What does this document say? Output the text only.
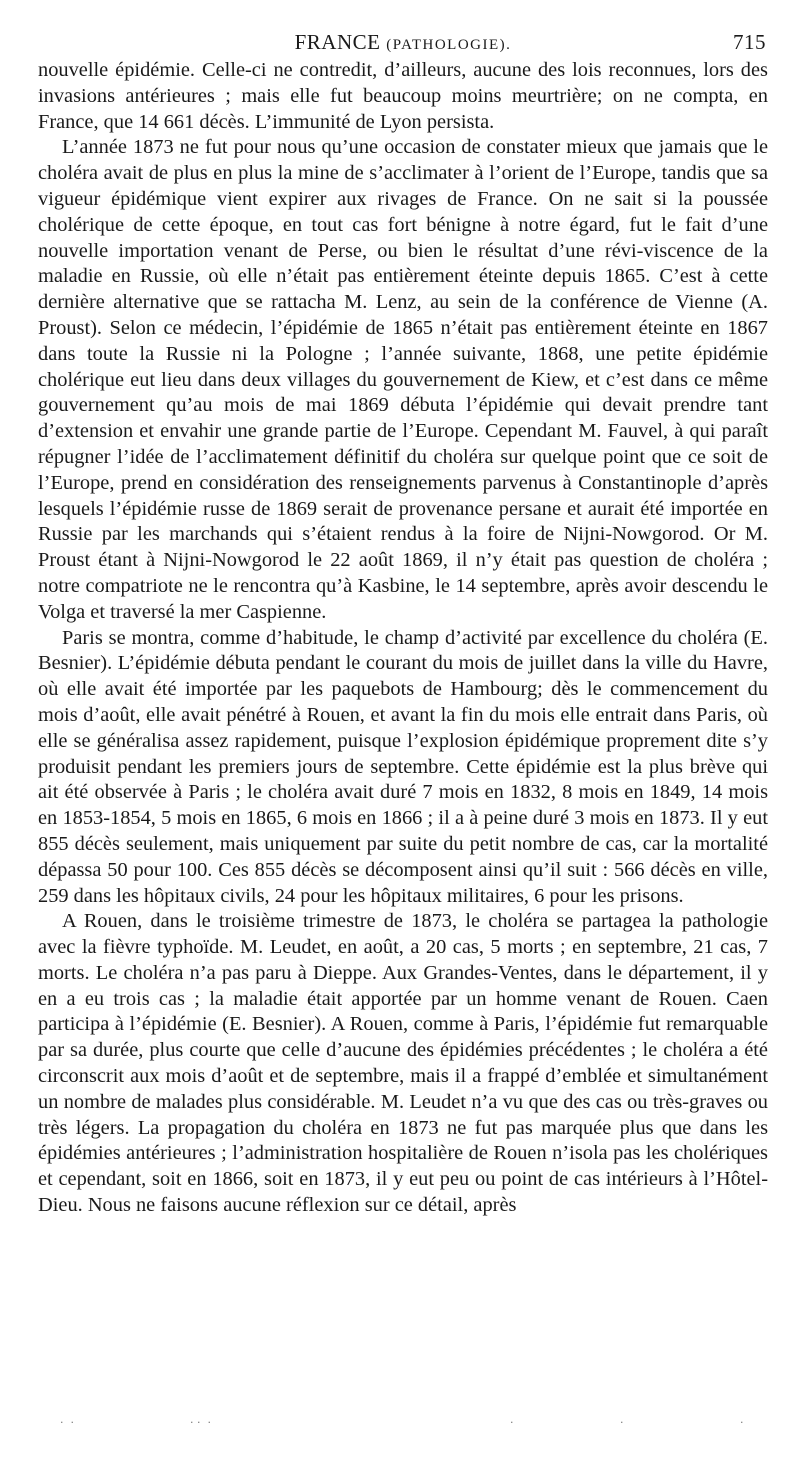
FRANCE (PATHOLOGIE).	715

nouvelle épidémie. Celle-ci ne contredit, d’ailleurs, aucune des lois reconnues, lors des invasions antérieures ; mais elle fut beaucoup moins meurtrière; on ne compta, en France, que 14 661 décès. L’immunité de Lyon persista.

L’année 1873 ne fut pour nous qu’une occasion de constater mieux que jamais que le choléra avait de plus en plus la mine de s’acclimater à l’orient de l’Europe, tandis que sa vigueur épidémique vient expirer aux rivages de France. On ne sait si la poussée cholérique de cette époque, en tout cas fort bénigne à notre égard, fut le fait d’une nouvelle importation venant de Perse, ou bien le résultat d’une révi-viscence de la maladie en Russie, où elle n’était pas entièrement éteinte depuis 1865. C’est à cette dernière alternative que se rattacha M. Lenz, au sein de la conférence de Vienne (A. Proust). Selon ce médecin, l’épidémie de 1865 n’était pas entièrement éteinte en 1867 dans toute la Russie ni la Pologne ; l’année suivante, 1868, une petite épidémie cholérique eut lieu dans deux villages du gouvernement de Kiew, et c’est dans ce même gouvernement qu’au mois de mai 1869 débuta l’épidémie qui devait prendre tant d’extension et envahir une grande partie de l’Europe. Cependant M. Fauvel, à qui paraît répugner l’idée de l’acclimatement définitif du choléra sur quelque point que ce soit de l’Europe, prend en considération des renseignements parvenus à Constantinople d’après lesquels l’épidémie russe de 1869 serait de provenance persane et aurait été importée en Russie par les marchands qui s’étaient rendus à la foire de Nijni-Nowgorod. Or M. Proust étant à Nijni-Nowgorod le 22 août 1869, il n’y était pas question de choléra ; notre compatriote ne le rencontra qu’à Kasbine, le 14 septembre, après avoir descendu le Volga et traversé la mer Caspienne.

Paris se montra, comme d’habitude, le champ d’activité par excellence du choléra (E. Besnier). L’épidémie débuta pendant le courant du mois de juillet dans la ville du Havre, où elle avait été importée par les paquebots de Hambourg; dès le commencement du mois d’août, elle avait pénétré à Rouen, et avant la fin du mois elle entrait dans Paris, où elle se généralisa assez rapidement, puisque l’explosion épidémique proprement dite s’y produisit pendant les premiers jours de septembre. Cette épidémie est la plus brève qui ait été observée à Paris ; le choléra avait duré 7 mois en 1832, 8 mois en 1849, 14 mois en 1853-1854, 5 mois en 1865, 6 mois en 1866 ; il a à peine duré 3 mois en 1873. Il y eut 855 décès seulement, mais uniquement par suite du petit nombre de cas, car la mortalité dépassa 50 pour 100. Ces 855 décès se décomposent ainsi qu’il suit : 566 décès en ville, 259 dans les hôpitaux civils, 24 pour les hôpitaux militaires, 6 pour les prisons.

A Rouen, dans le troisième trimestre de 1873, le choléra se partagea la pathologie avec la fièvre typhoïde. M. Leudet, en août, a 20 cas, 5 morts ; en septembre, 21 cas, 7 morts. Le choléra n’a pas paru à Dieppe. Aux Grandes-Ventes, dans le département, il y en a eu trois cas ; la maladie était apportée par un homme venant de Rouen. Caen participa à l’épidémie (E. Besnier). A Rouen, comme à Paris, l’épidémie fut remarquable par sa durée, plus courte que celle d’aucune des épidémies précédentes ; le choléra a été circonscrit aux mois d’août et de septembre, mais il a frappé d’emblée et simultanément un nombre de malades plus considérable. M. Leudet n’a vu que des cas ou très-graves ou très légers. La propagation du choléra en 1873 ne fut pas marquée plus que dans les épidémies antérieures ; l’administration hospitalière de Rouen n’isola pas les cholériques et cependant, soit en 1866, soit en 1873, il y eut peu ou point de cas intérieurs à l’Hôtel-Dieu. Nous ne faisons aucune réflexion sur ce détail, après

.  .	. .  .	.	.	.
